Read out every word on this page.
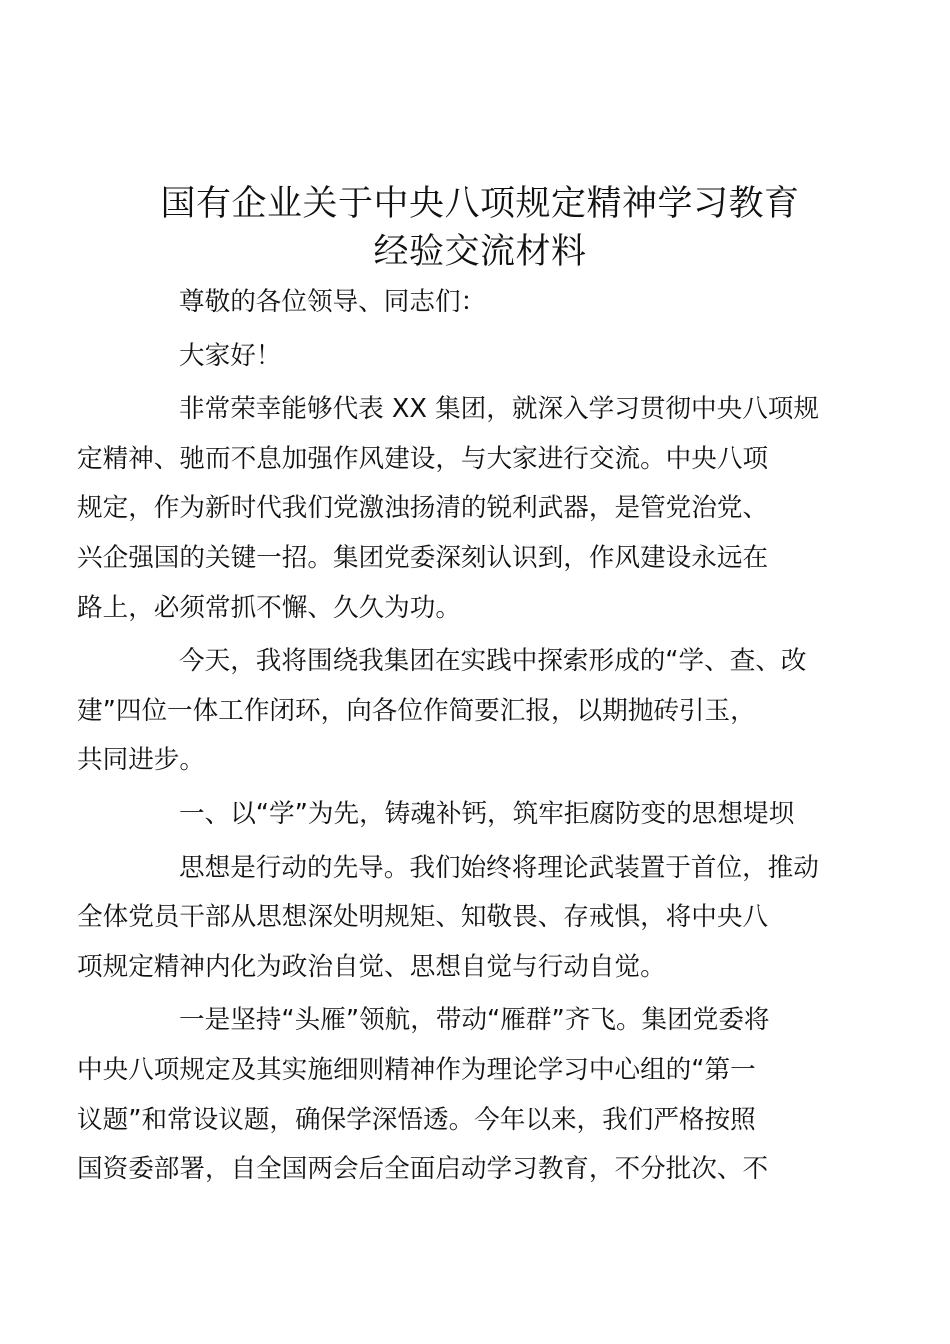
国有企业关于中央八项规定精神学习教育
经验交流材料

尊敬的各位领导、同志们：

大家好！

非常荣幸能够代表 XX 集团，就深入学习贯彻中央八项规
定精神、驰而不息加强作风建设，与大家进行交流。中央八项
规定，作为新时代我们党激浊扬清的锐利武器，是管党治党、
兴企强国的关键一招。集团党委深刻认识到，作风建设永远在
路上，必须常抓不懈、久久为功。

今天，我将围绕我集团在实践中探索形成的“学、查、改
建”四位一体工作闭环，向各位作简要汇报，以期抛砖引玉，
共同进步。

一、以“学”为先，铸魂补钙，筑牢拒腐防变的思想堤坝

思想是行动的先导。我们始终将理论武装置于首位，推动
全体党员干部从思想深处明规矩、知敬畏、存戒惧，将中央八
项规定精神内化为政治自觉、思想自觉与行动自觉。

一是坚持“头雁”领航，带动“雁群”齐飞。集团党委将
中央八项规定及其实施细则精神作为理论学习中心组的“第一
议题”和常设议题，确保学深悟透。今年以来，我们严格按照
国资委部署，自全国两会后全面启动学习教育，不分批次、不
